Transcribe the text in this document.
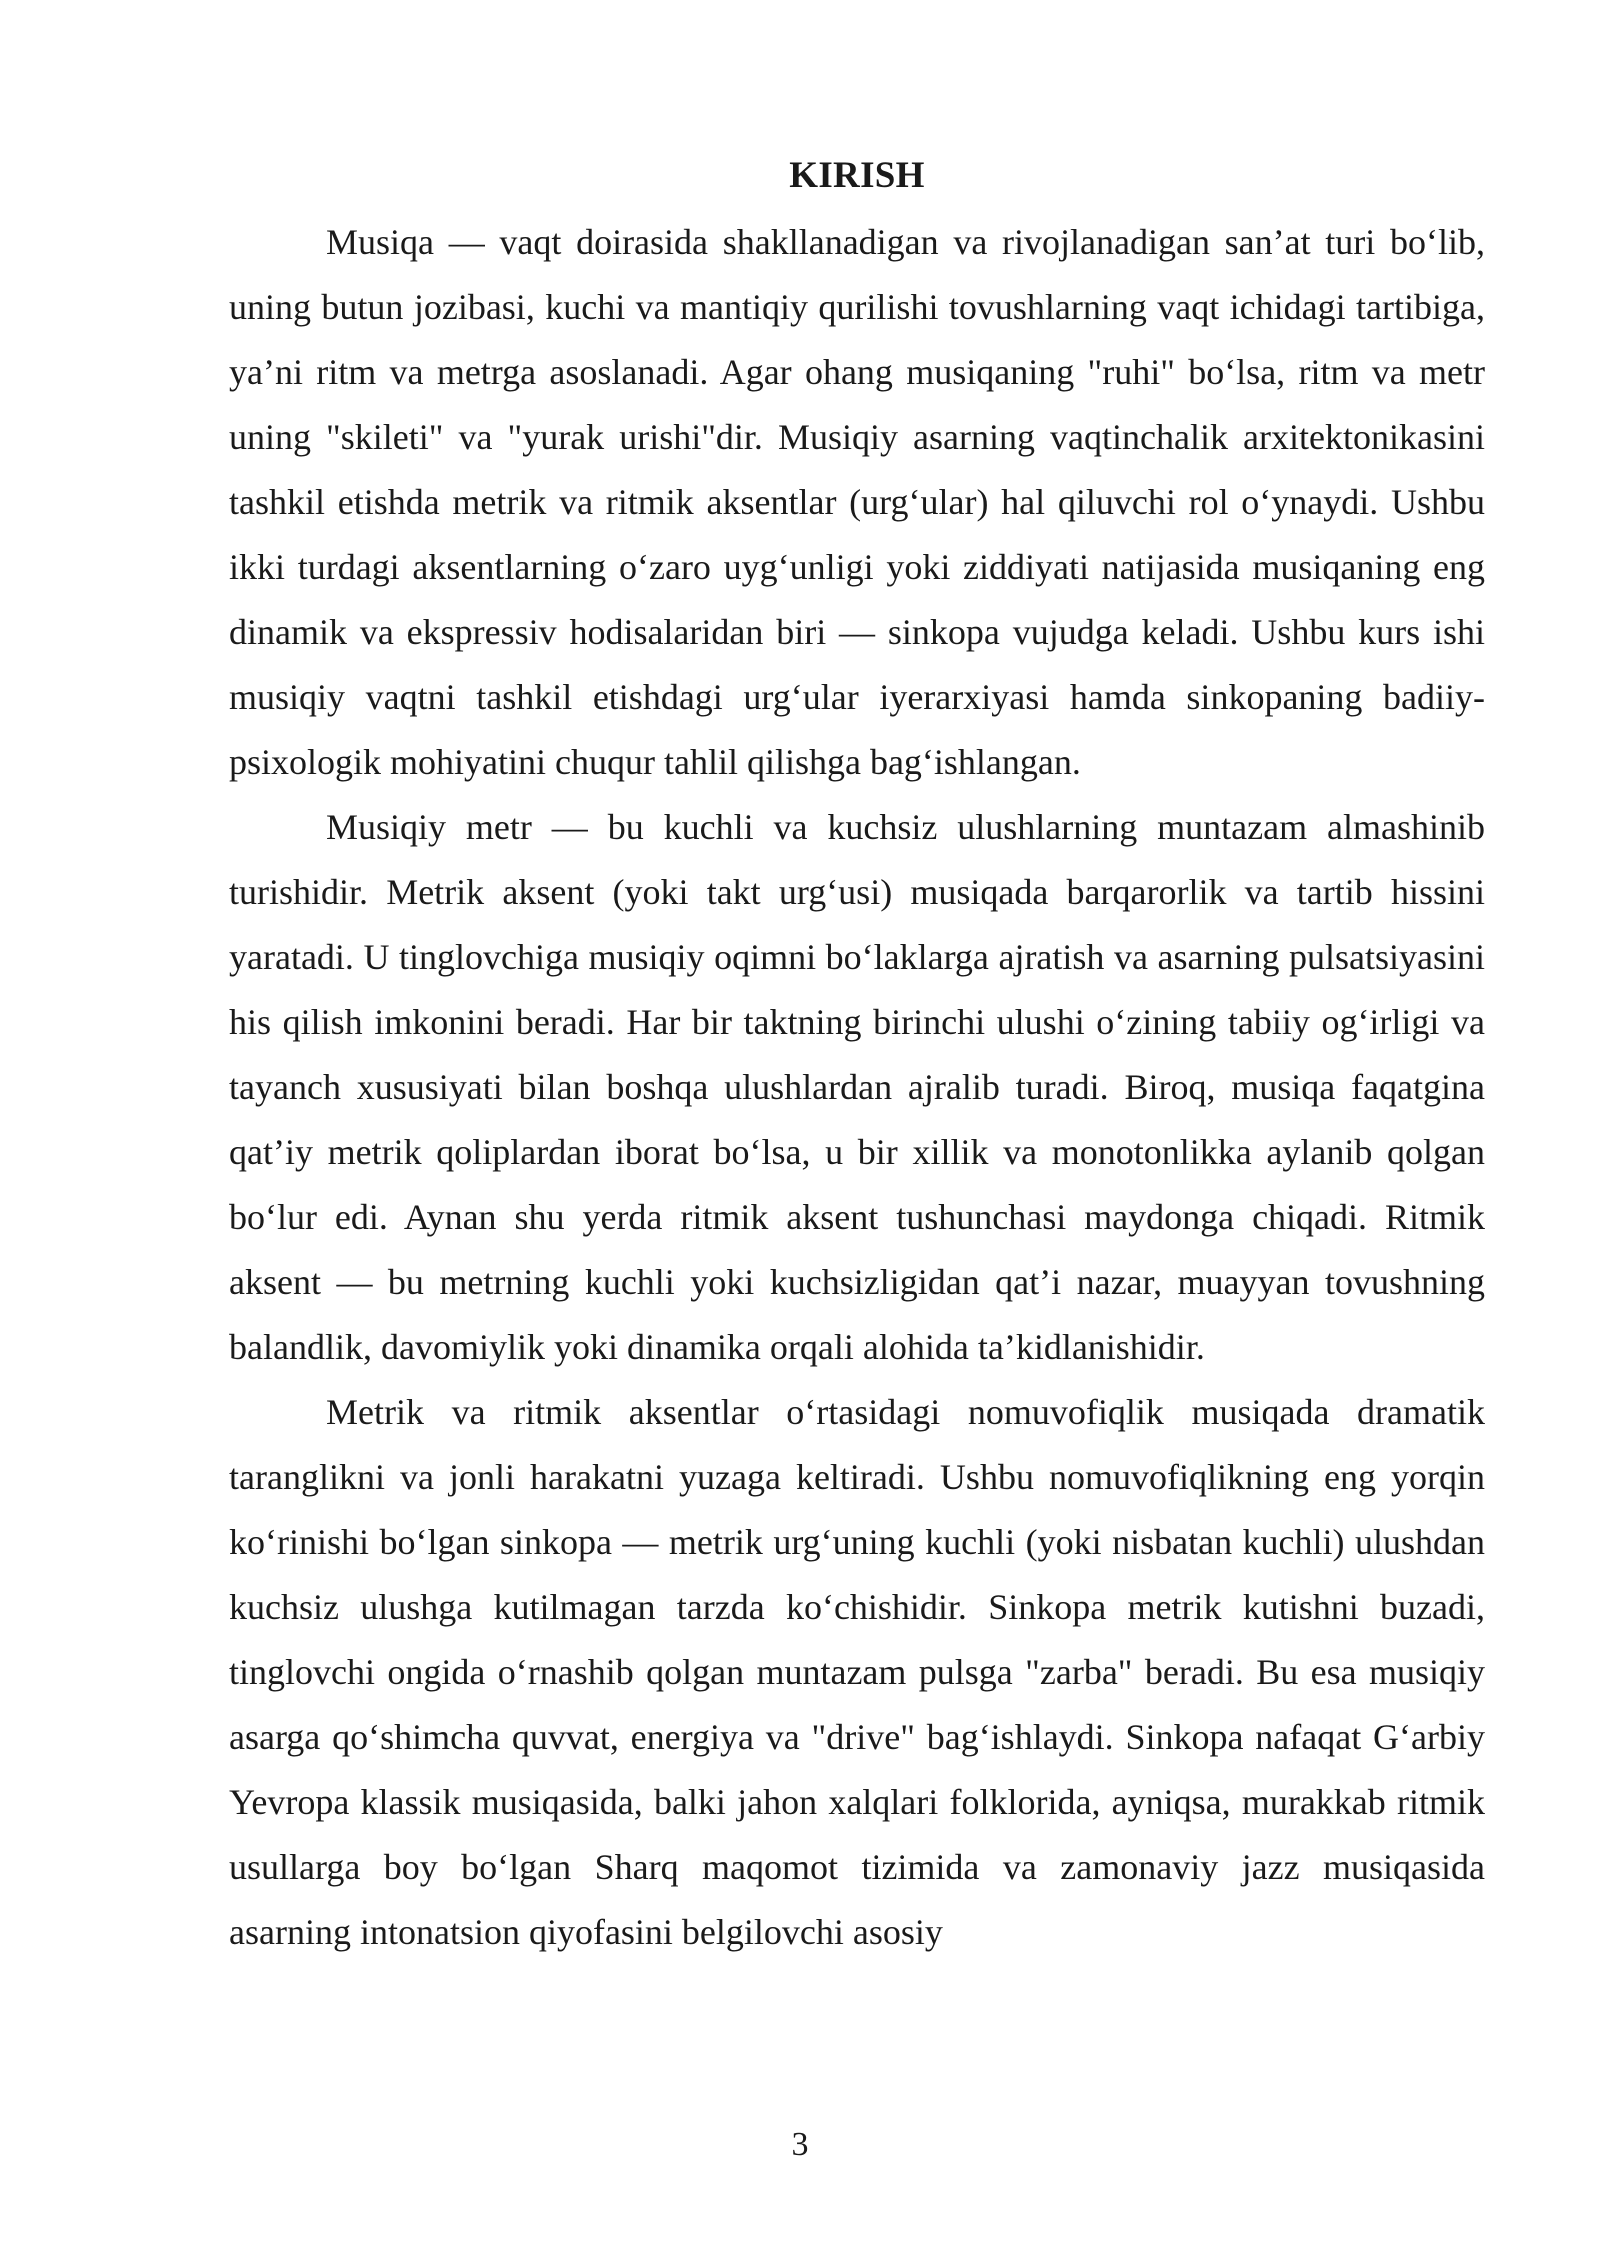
KIRISH

Musiqa — vaqt doirasida shakllanadigan va rivojlanadigan san’at turi bo‘lib, uning butun jozibasi, kuchi va mantiqiy qurilishi tovushlarning vaqt ichidagi tartibiga, ya’ni ritm va metrga asoslanadi. Agar ohang musiqaning "ruhi" bo‘lsa, ritm va metr uning "skileti" va "yurak urishi"dir. Musiqiy asarning vaqtinchalik arxitektonikasini tashkil etishda metrik va ritmik aksentlar (urg‘ular) hal qiluvchi rol o‘ynaydi. Ushbu ikki turdagi aksentlarning o‘zaro uyg‘unligi yoki ziddiyati natijasida musiqaning eng dinamik va ekspressiv hodisalaridan biri — sinkopa vujudga keladi. Ushbu kurs ishi musiqiy vaqtni tashkil etishdagi urg‘ular iyerarxiyasi hamda sinkopaning badiiy-psixologik mohiyatini chuqur tahlil qilishga bag‘ishlangan.

Musiqiy metr — bu kuchli va kuchsiz ulushlarning muntazam almashinib turishidir. Metrik aksent (yoki takt urg‘usi) musiqada barqarorlik va tartib hissini yaratadi. U tinglovchiga musiqiy oqimni bo‘laklarga ajratish va asarning pulsatsiyasini his qilish imkonini beradi. Har bir taktning birinchi ulushi o‘zining tabiiy og‘irligi va tayanch xususiyati bilan boshqa ulushlardan ajralib turadi. Biroq, musiqa faqatgina qat’iy metrik qoliplardan iborat bo‘lsa, u bir xillik va monotonlikka aylanib qolgan bo‘lur edi. Aynan shu yerda ritmik aksent tushunchasi maydonga chiqadi. Ritmik aksent — bu metrning kuchli yoki kuchsizligidan qat’i nazar, muayyan tovushning balandlik, davomiylik yoki dinamika orqali alohida ta’kidlanishidir.

Metrik va ritmik aksentlar o‘rtasidagi nomuvofiqlik musiqada dramatik taranglikni va jonli harakatni yuzaga keltiradi. Ushbu nomuvofiqlikning eng yorqin ko‘rinishi bo‘lgan sinkopa — metrik urg‘uning kuchli (yoki nisbatan kuchli) ulushdan kuchsiz ulushga kutilmagan tarzda ko‘chishidir. Sinkopa metrik kutishni buzadi, tinglovchi ongida o‘rnashib qolgan muntazam pulsga "zarba" beradi. Bu esa musiqiy asarga qo‘shimcha quvvat, energiya va "drive" bag‘ishlaydi. Sinkopa nafaqat G‘arbiy Yevropa klassik musiqasida, balki jahon xalqlari folklorida, ayniqsa, murakkab ritmik usullarga boy bo‘lgan Sharq maqomot tizimida va zamonaviy jazz musiqasida asarning intonatsion qiyofasini belgilovchi asosiy

3
